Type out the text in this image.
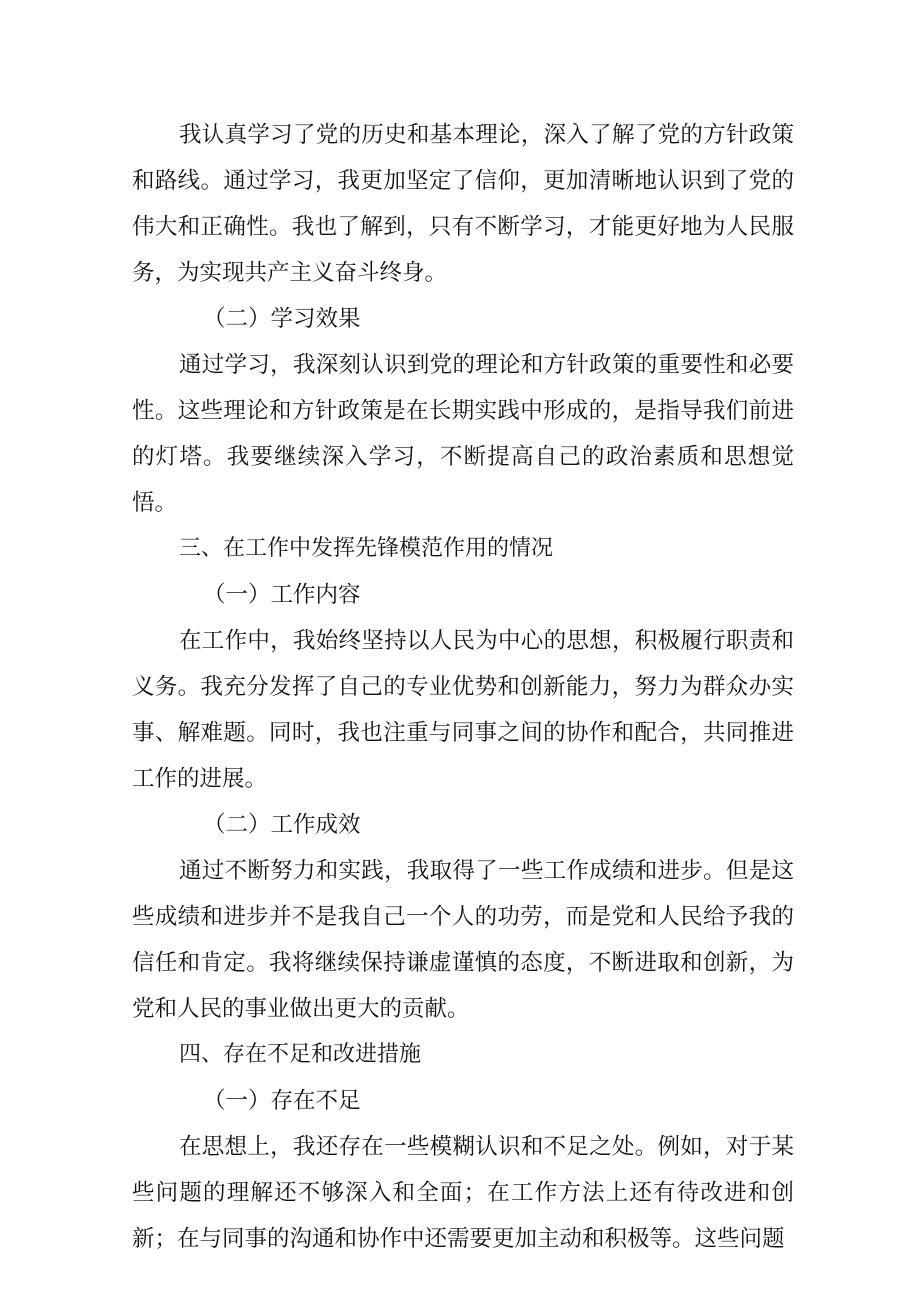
我认真学习了党的历史和基本理论，深入了解了党的方针政策和路线。通过学习，我更加坚定了信仰，更加清晰地认识到了党的伟大和正确性。我也了解到，只有不断学习，才能更好地为人民服务，为实现共产主义奋斗终身。

（二）学习效果

通过学习，我深刻认识到党的理论和方针政策的重要性和必要性。这些理论和方针政策是在长期实践中形成的，是指导我们前进的灯塔。我要继续深入学习，不断提高自己的政治素质和思想觉悟。

三、在工作中发挥先锋模范作用的情况

（一）工作内容

在工作中，我始终坚持以人民为中心的思想，积极履行职责和义务。我充分发挥了自己的专业优势和创新能力，努力为群众办实事、解难题。同时，我也注重与同事之间的协作和配合，共同推进工作的进展。

（二）工作成效

通过不断努力和实践，我取得了一些工作成绩和进步。但是这些成绩和进步并不是我自己一个人的功劳，而是党和人民给予我的信任和肯定。我将继续保持谦虚谨慎的态度，不断进取和创新，为党和人民的事业做出更大的贡献。

四、存在不足和改进措施

（一）存在不足

在思想上，我还存在一些模糊认识和不足之处。例如，对于某些问题的理解还不够深入和全面；在工作方法上还有待改进和创新；在与同事的沟通和协作中还需要更加主动和积极等。这些问题
